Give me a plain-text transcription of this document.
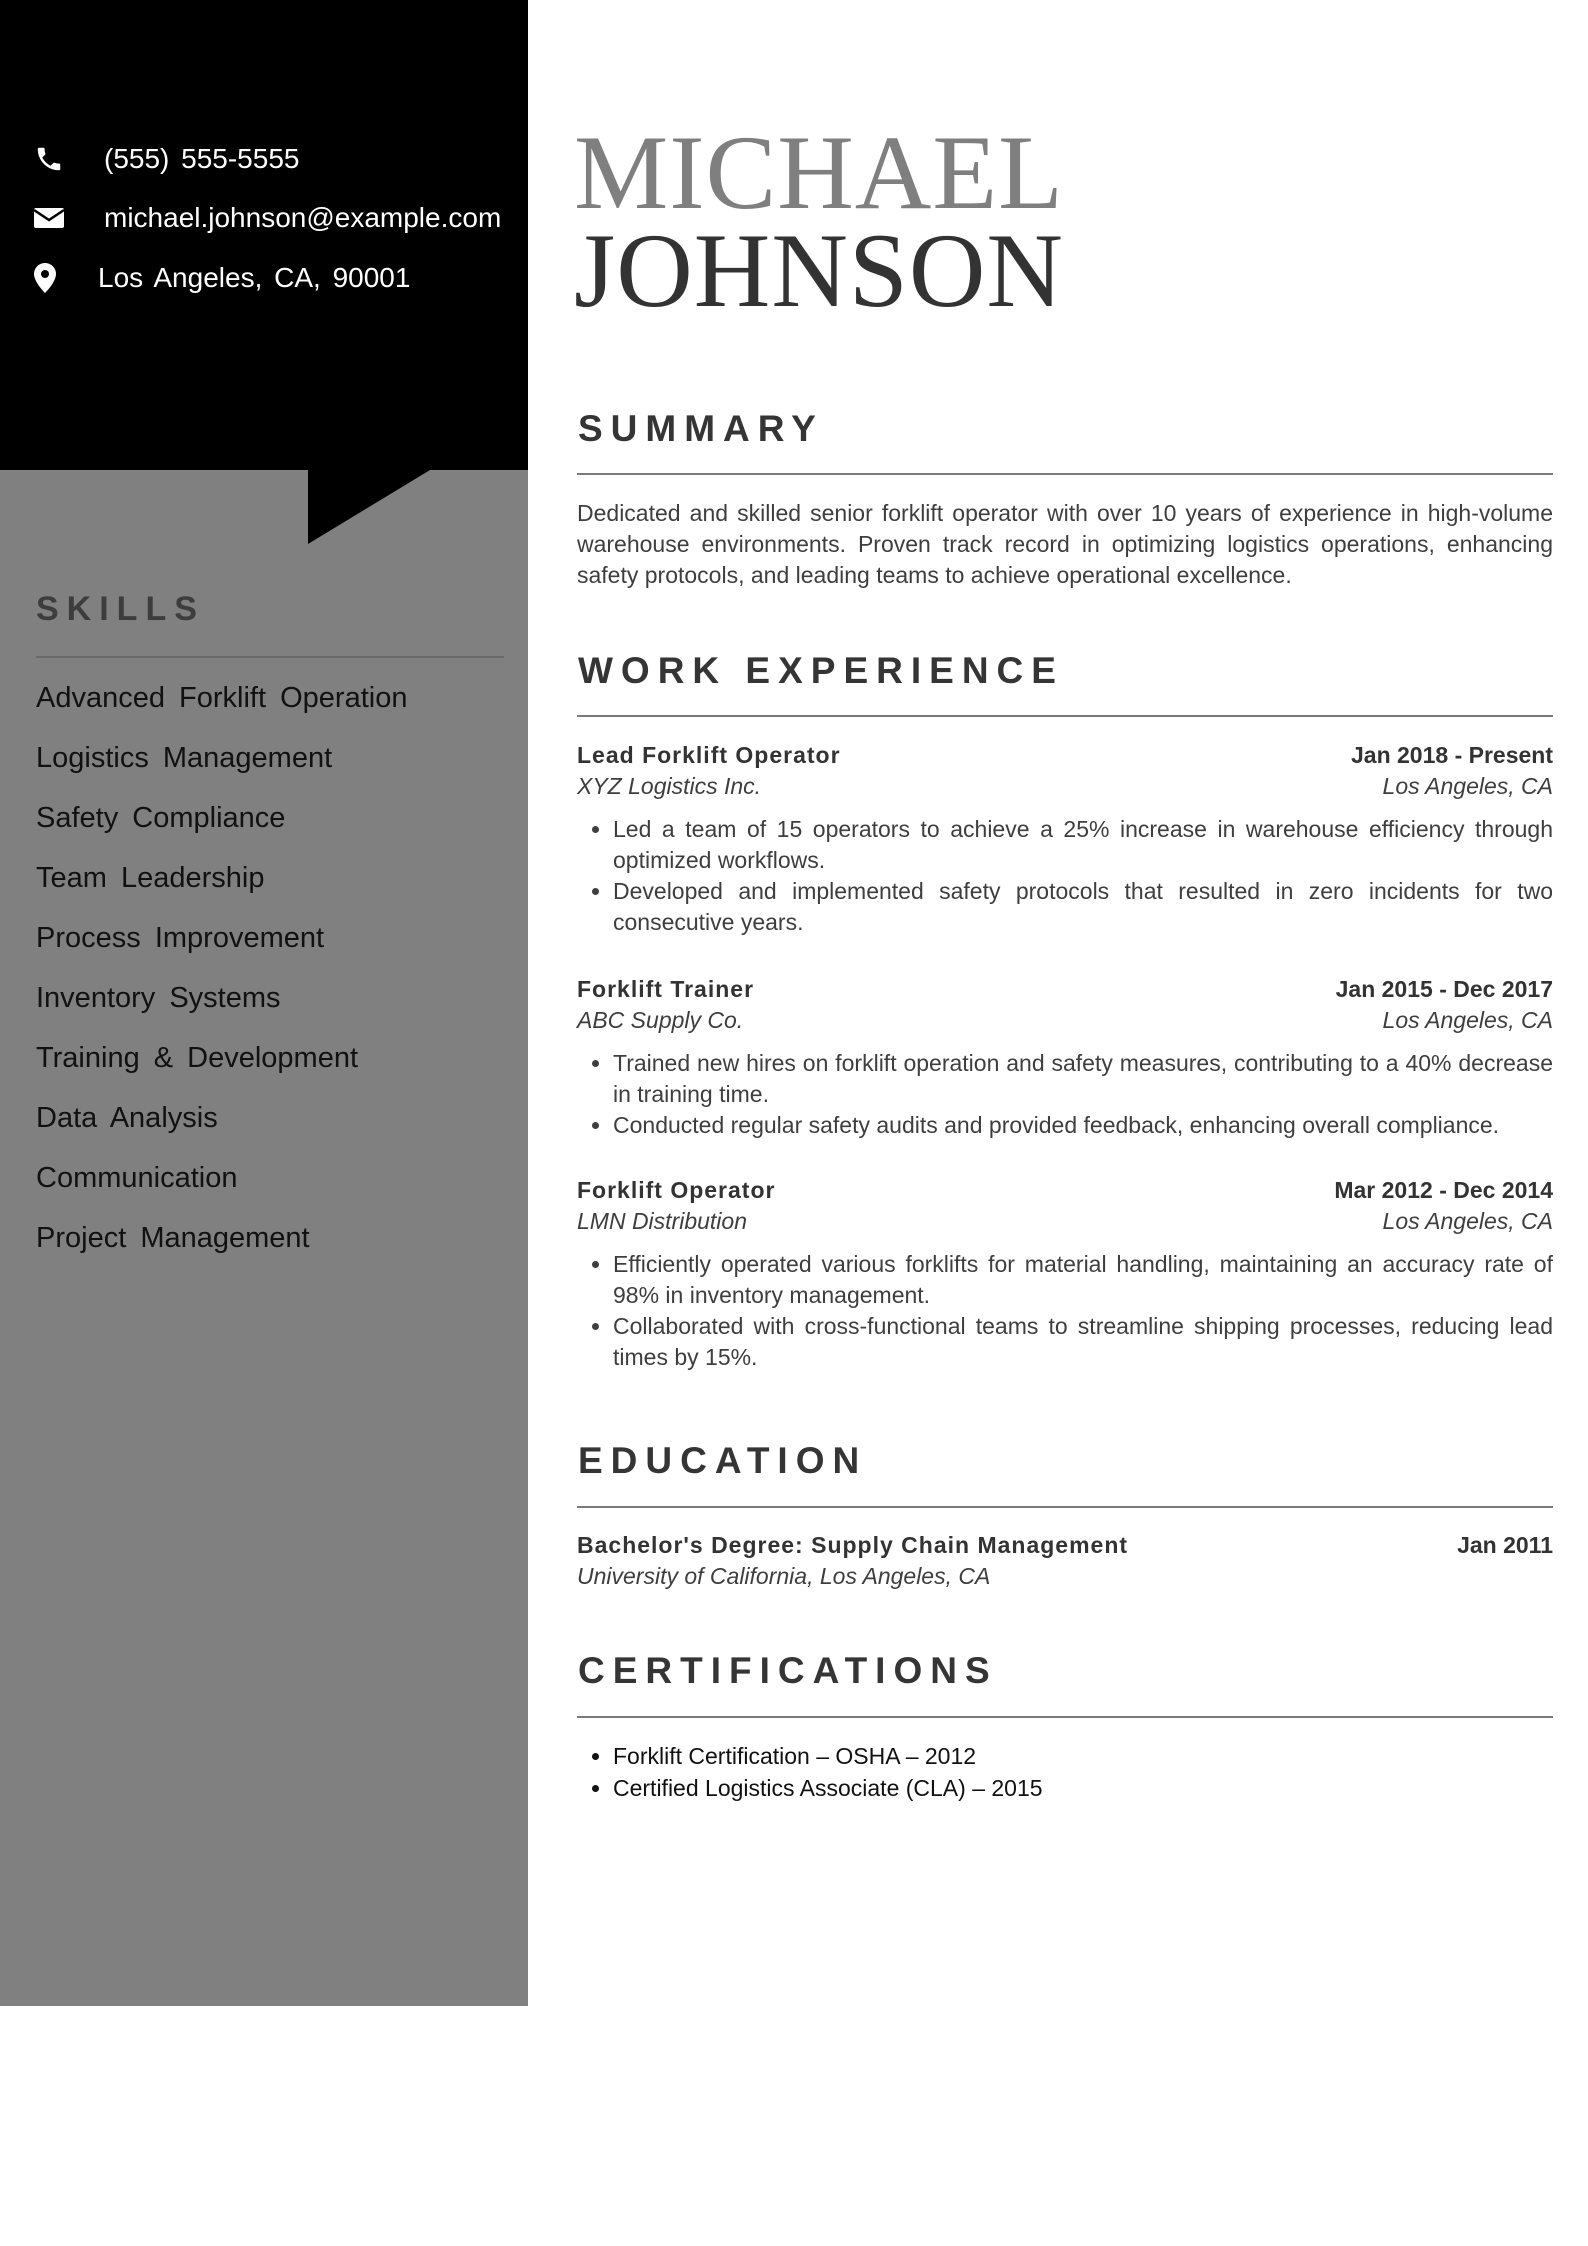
(555) 555-5555
michael.johnson@example.com
Los Angeles, CA, 90001
SKILLS
Advanced Forklift Operation
Logistics Management
Safety Compliance
Team Leadership
Process Improvement
Inventory Systems
Training & Development
Data Analysis
Communication
Project Management
MICHAEL
JOHNSON
SUMMARY

Dedicated and skilled senior forklift operator with over 10 years of experience in high-volume warehouse environments. Proven track record in optimizing logistics operations, enhancing safety protocols, and leading teams to achieve operational excellence.

WORK EXPERIENCE
Lead Forklift Operator	Jan 2018 - Present
XYZ Logistics Inc.	Los Angeles, CA
• Led a team of 15 operators to achieve a 25% increase in warehouse efficiency through optimized workflows.
• Developed and implemented safety protocols that resulted in zero incidents for two consecutive years.
Forklift Trainer	Jan 2015 - Dec 2017
ABC Supply Co.	Los Angeles, CA
• Trained new hires on forklift operation and safety measures, contributing to a 40% decrease in training time.
• Conducted regular safety audits and provided feedback, enhancing overall compliance.
Forklift Operator	Mar 2012 - Dec 2014
LMN Distribution	Los Angeles, CA
• Efficiently operated various forklifts for material handling, maintaining an accuracy rate of 98% in inventory management.
• Collaborated with cross-functional teams to streamline shipping processes, reducing lead times by 15%.
EDUCATION
Bachelor's Degree: Supply Chain Management	Jan 2011
University of California, Los Angeles, CA
CERTIFICATIONS
• Forklift Certification – OSHA – 2012
• Certified Logistics Associate (CLA) – 2015
